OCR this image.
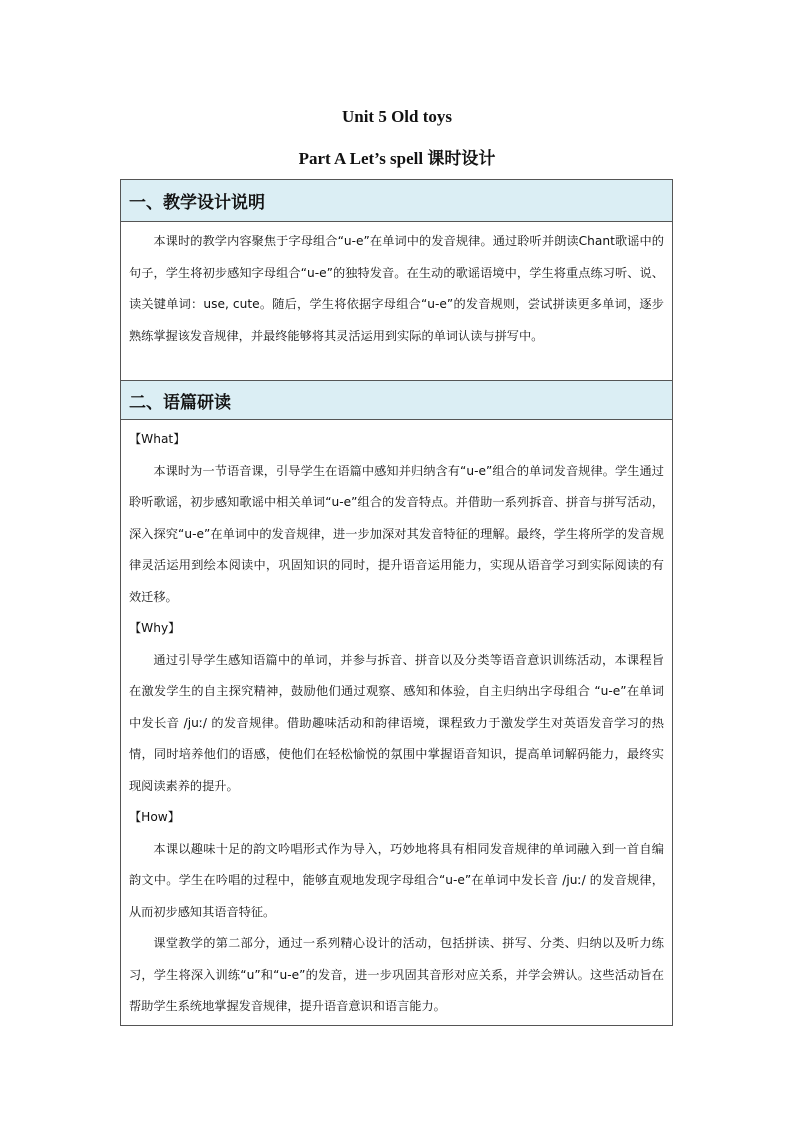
Unit 5 Old toys
Part A Let’s spell 课时设计
一、教学设计说明

本课时的教学内容聚焦于字母组合“u-e”在单词中的发音规律。通过聆听并朗读Chant歌谣中的句子，学生将初步感知字母组合“u-e”的独特发音。在生动的歌谣语境中，学生将重点练习听、说、读关键单词：use, cute。随后，学生将依据字母组合“u-e”的发音规则，尝试拼读更多单词，逐步熟练掌握该发音规律，并最终能够将其灵活运用到实际的单词认读与拼写中。

二、语篇研读

【What】

本课时为一节语音课，引导学生在语篇中感知并归纳含有“u-e”组合的单词发音规律。学生通过聆听歌谣，初步感知歌谣中相关单词“u-e”组合的发音特点。并借助一系列拆音、拼音与拼写活动，深入探究“u-e”在单词中的发音规律，进一步加深对其发音特征的理解。最终，学生将所学的发音规律灵活运用到绘本阅读中，巩固知识的同时，提升语音运用能力，实现从语音学习到实际阅读的有效迁移。

【Why】

通过引导学生感知语篇中的单词，并参与拆音、拼音以及分类等语音意识训练活动，本课程旨在激发学生的自主探究精神，鼓励他们通过观察、感知和体验，自主归纳出字母组合 “u-e”在单词中发长音 /juː/ 的发音规律。借助趣味活动和韵律语境，课程致力于激发学生对英语发音学习的热情，同时培养他们的语感，使他们在轻松愉悦的氛围中掌握语音知识，提高单词解码能力，最终实现阅读素养的提升。

【How】

本课以趣味十足的韵文吟唱形式作为导入，巧妙地将具有相同发音规律的单词融入到一首自编韵文中。学生在吟唱的过程中，能够直观地发现字母组合“u-e”在单词中发长音 /juː/ 的发音规律，从而初步感知其语音特征。

课堂教学的第二部分，通过一系列精心设计的活动，包括拼读、拼写、分类、归纳以及听力练习，学生将深入训练“u”和“u-e”的发音，进一步巩固其音形对应关系，并学会辨认。这些活动旨在帮助学生系统地掌握发音规律，提升语音意识和语言能力。
